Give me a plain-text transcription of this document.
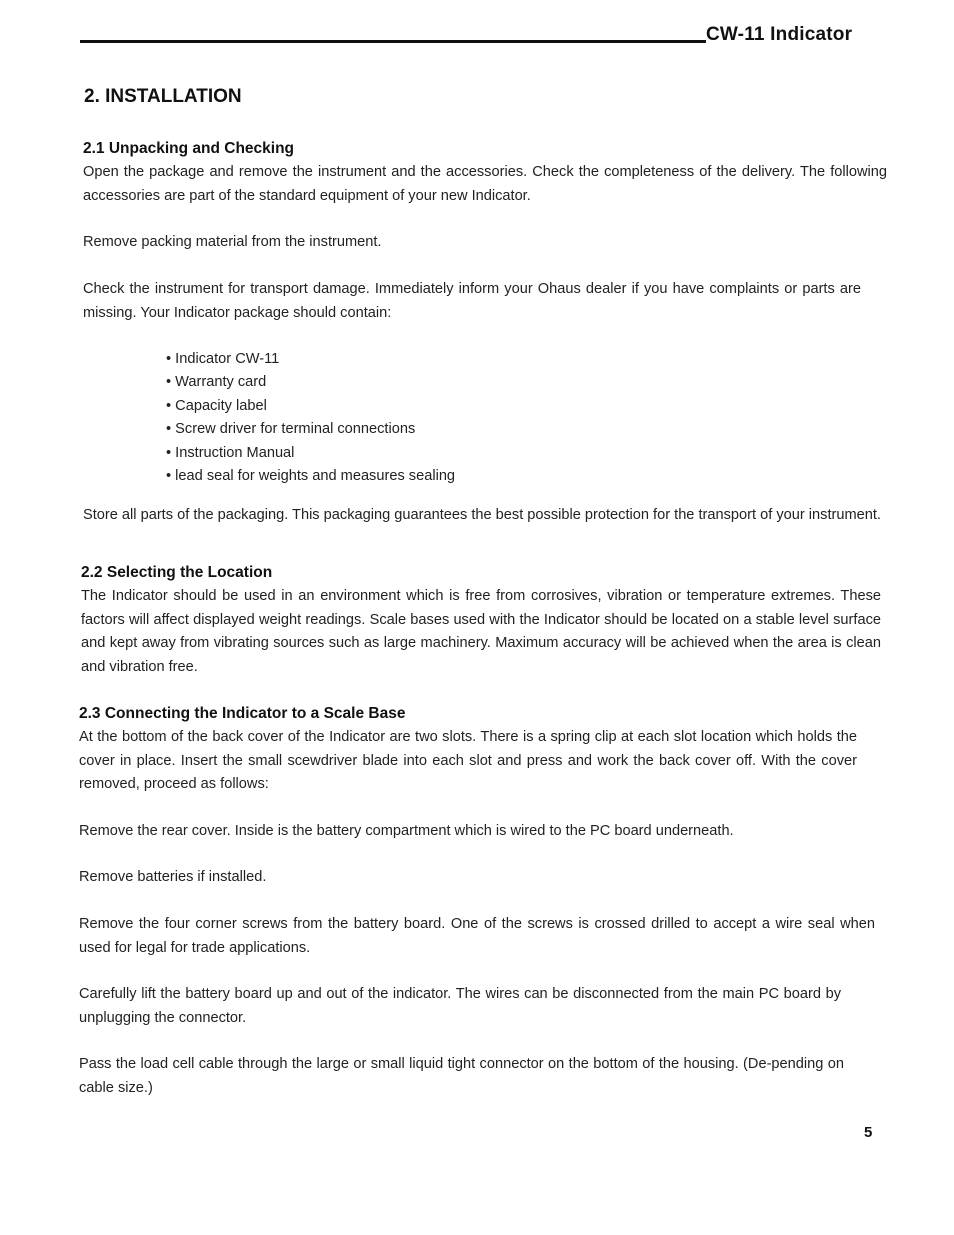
CW-11 Indicator
2. INSTALLATION
2.1 Unpacking and Checking
Open the package and remove the instrument and the accessories. Check the completeness of the delivery. The following accessories are part of the standard equipment of your new Indicator.
Remove packing material from the instrument.
Check the instrument for transport damage. Immediately inform your Ohaus dealer if you have complaints or parts are missing. Your Indicator package should contain:
• Indicator CW-11
• Warranty card
• Capacity label
• Screw driver for terminal connections
• Instruction Manual
• lead seal for weights and measures sealing
Store all parts of the packaging. This packaging guarantees the best possible protection for the transport of your instrument.
2.2 Selecting the Location
The Indicator should be used in an environment which is free from corrosives, vibration or temperature extremes. These factors will affect displayed weight readings. Scale bases used with the Indicator should be located on a stable level surface and kept away from vibrating sources such as large machinery. Maximum accuracy will be achieved when the area is clean and vibration free.
2.3 Connecting the Indicator to a Scale Base
At the bottom of the back cover of the Indicator are two slots. There is a spring clip at each slot location which holds the cover in place. Insert the small scewdriver blade into each slot and press and work the back cover off. With the cover removed, proceed as follows:
Remove the rear cover. Inside is the battery compartment which is wired to the PC board underneath.
Remove batteries if installed.
Remove the four corner screws from the battery board. One of the screws is crossed drilled to accept a wire seal when used for legal for trade applications.
Carefully lift the battery board up and out of the indicator. The wires can be disconnected from the main PC board by unplugging the connector.
Pass the load cell cable through the large or small liquid tight connector on the bottom of the housing. (De-pending on cable size.)
5
